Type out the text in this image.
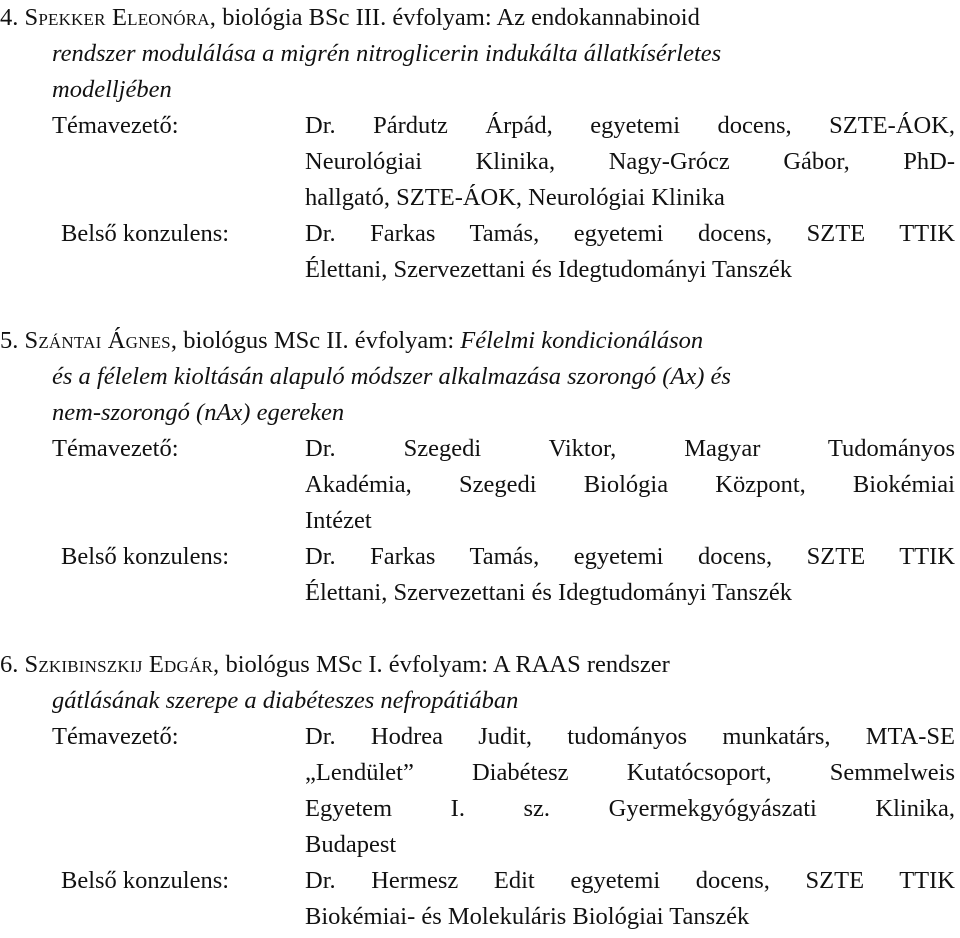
4. Spekker Eleonóra, biológia BSc III. évfolyam: Az endokannabinoid
rendszer modulálása a migrén nitroglicerin indukálta állatkísérletes
modelljében

Témavezető:	Dr. Párdutz Árpád, egyetemi docens, SZTE-ÁOK,
Neurológiai Klinika, Nagy-Grócz Gábor, PhD-
hallgató, SZTE-ÁOK, Neurológiai Klinika
Belső konzulens:	Dr. Farkas Tamás, egyetemi docens, SZTE TTIK
Élettani, Szervezettani és Idegtudományi Tanszék

5. Szántai Ágnes, biológus MSc II. évfolyam: Félelmi kondicionáláson
és a félelem kioltásán alapuló módszer alkalmazása szorongó (Ax) és
nem-szorongó (nAx) egereken

Témavezető:	Dr. Szegedi Viktor, Magyar Tudományos
Akadémia, Szegedi Biológia Központ, Biokémiai
Intézet
Belső konzulens:	Dr. Farkas Tamás, egyetemi docens, SZTE TTIK
Élettani, Szervezettani és Idegtudományi Tanszék

6. Szkibinszkij Edgár, biológus MSc I. évfolyam: A RAAS rendszer
gátlásának szerepe a diabéteszes nefropátiában

Témavezető:	Dr. Hodrea Judit, tudományos munkatárs, MTA-SE
„Lendület” Diabétesz Kutatócsoport, Semmelweis
Egyetem I. sz. Gyermekgyógyászati Klinika,
Budapest
Belső konzulens:	Dr. Hermesz Edit egyetemi docens, SZTE TTIK
Biokémiai- és Molekuláris Biológiai Tanszék
